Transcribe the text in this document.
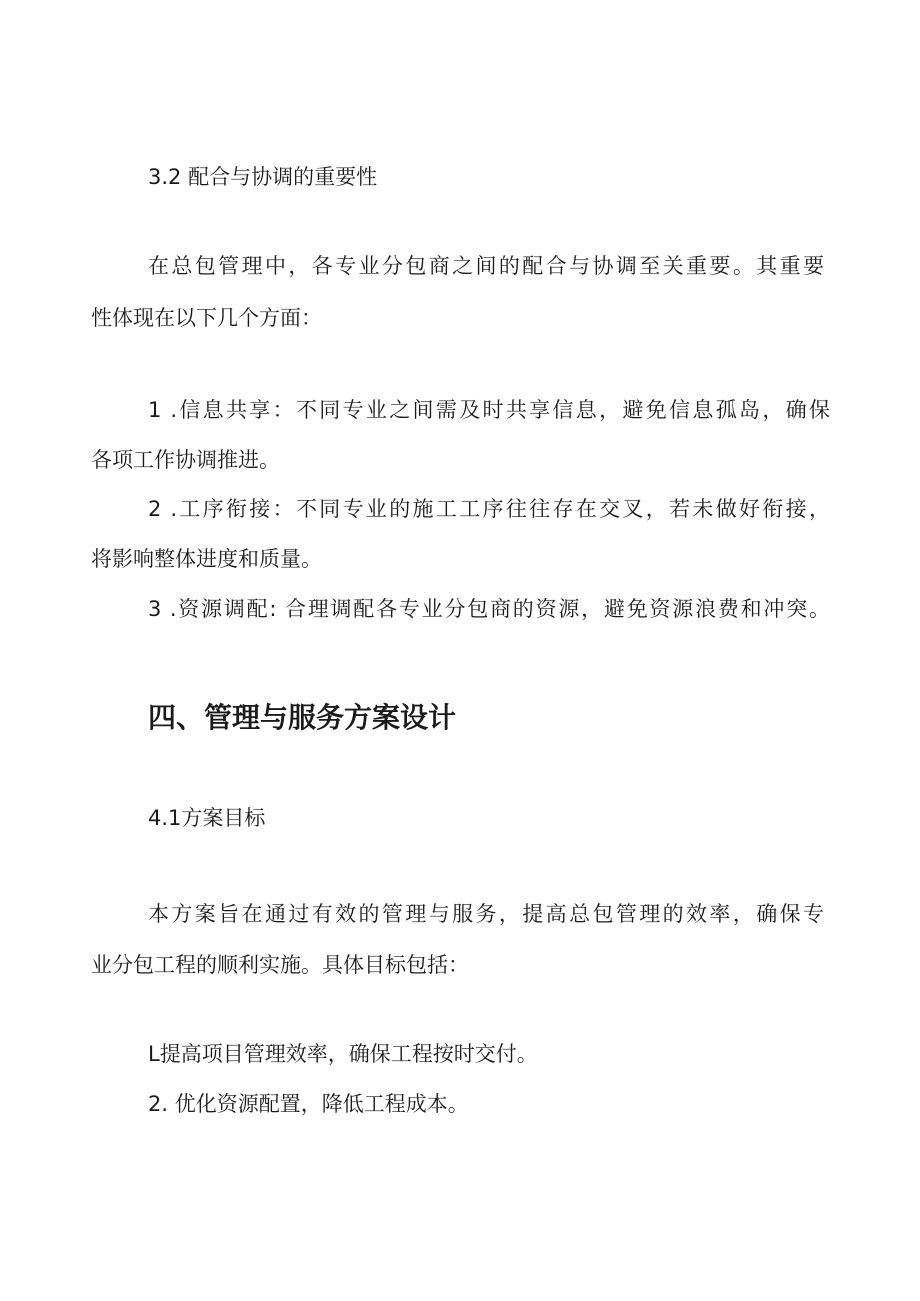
3.2 配合与协调的重要性

在总包管理中，各专业分包商之间的配合与协调至关重要。其重要

性体现在以下几个方面：

1 .信息共享：不同专业之间需及时共享信息，避免信息孤岛，确保

各项工作协调推进。

2 .工序衔接：不同专业的施工工序往往存在交叉，若未做好衔接，

将影响整体进度和质量。

3 .资源调配: 合理调配各专业分包商的资源，避免资源浪费和冲突。

四、管理与服务方案设计

4.1方案目标

本方案旨在通过有效的管理与服务，提高总包管理的效率，确保专

业分包工程的顺利实施。具体目标包括：

L提高项目管理效率，确保工程按时交付。

2. 优化资源配置，降低工程成本。
